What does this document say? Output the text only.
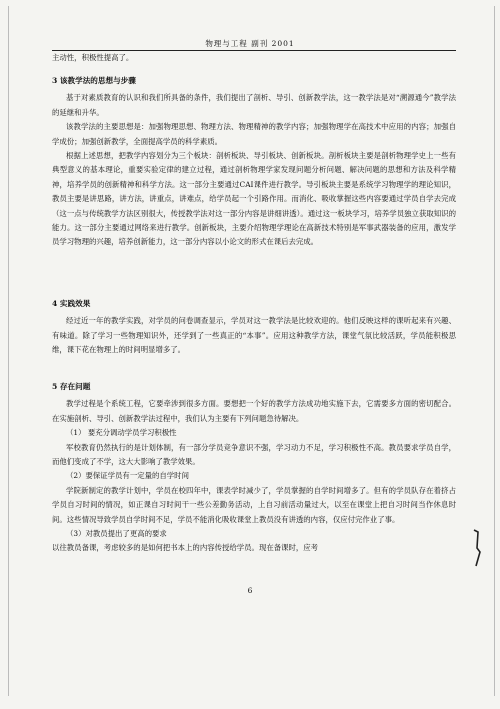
物理与工程 副刊 2001

主动性，积极性提高了。

3 该教学法的思想与步骤

基于对素质教育的认识和我们所具备的条件，我们提出了剖析、导引、创新教学法，这一教学法是对“溯源通今”教学法的延继和升华。

该教学法的主要思想是：加强物理思想、物理方法、物理精神的教学内容；加强物理学在高技术中应用的内容；加强自学成份；加强创新教学，全面提高学员的科学素质。

根据上述思想，把教学内容划分为三个板块：剖析板块、导引板块、创新板块。剖析板块主要是剖析物理学史上一些有典型意义的基本理论，重要实验定律的建立过程，通过剖析物理学家发现问题分析问题、解决问题的思想和方法及科学精神，培养学员的创新精神和科学方法。这一部分主要通过CAI课件进行教学。导引板块主要是系统学习物理学的理论知识，教员主要是讲思路，讲方法，讲重点，讲难点，给学员起一个引路作用。而消化、吸收掌握这些内容要通过学员自学去完成（这一点与传统教学方法区别很大，传授教学法对这一部分内容是讲细讲透）。通过这一板块学习，培养学员独立获取知识的能力。这一部分主要通过网络来进行教学。创新板块，主要介绍物理学理论在高新技术特别是军事武器装备的应用，激发学员学习物理的兴趣，培养创新能力，这一部分内容以小论文的形式在课后去完成。

4 实践效果

经过近一年的教学实践，对学员的问卷调查显示，学员对这一教学法是比较欢迎的。他们反映这样的课听起来有兴趣、有味道。除了学习一些物理知识外，还学到了一些真正的“本事”。应用这种教学方法，课堂气氛比较活跃，学员能积极思维，课下花在物理上的时间明显增多了。

5 存在问题

教学过程是个系统工程，它要牵涉到很多方面。要想把一个好的教学方法成功地实施下去，它需要多方面的密切配合。在实施剖析、导引、创新教学法过程中，我们认为主要有下列问题急待解决。

（1） 要充分调动学员学习积极性

军校教育仍然执行的是计划体制，有一部分学员竞争意识不强，学习动力不足，学习积极性不高。教员要求学员自学，而他们变成了不学，这大大影响了教学效果。

（2）要保证学员有一定量的自学时间

学院新制定的教学计划中，学员在校四年中，课表学时减少了，学员掌握的自学时间增多了。但有的学员队存在着挤占学员自习时间的情况，如正课自习时间干一些公差勤务活动，上自习前活动量过大，以至在课堂上把自习时间当作休息时间。这些情况导致学员自学时间不足，学员不能消化吸收课堂上教员没有讲透的内容，仅应付完作业了事。

（3）对教员提出了更高的要求

以往教员备课，考虑较多的是如何把书本上的内容传授给学员。现在备课时，应考

6
